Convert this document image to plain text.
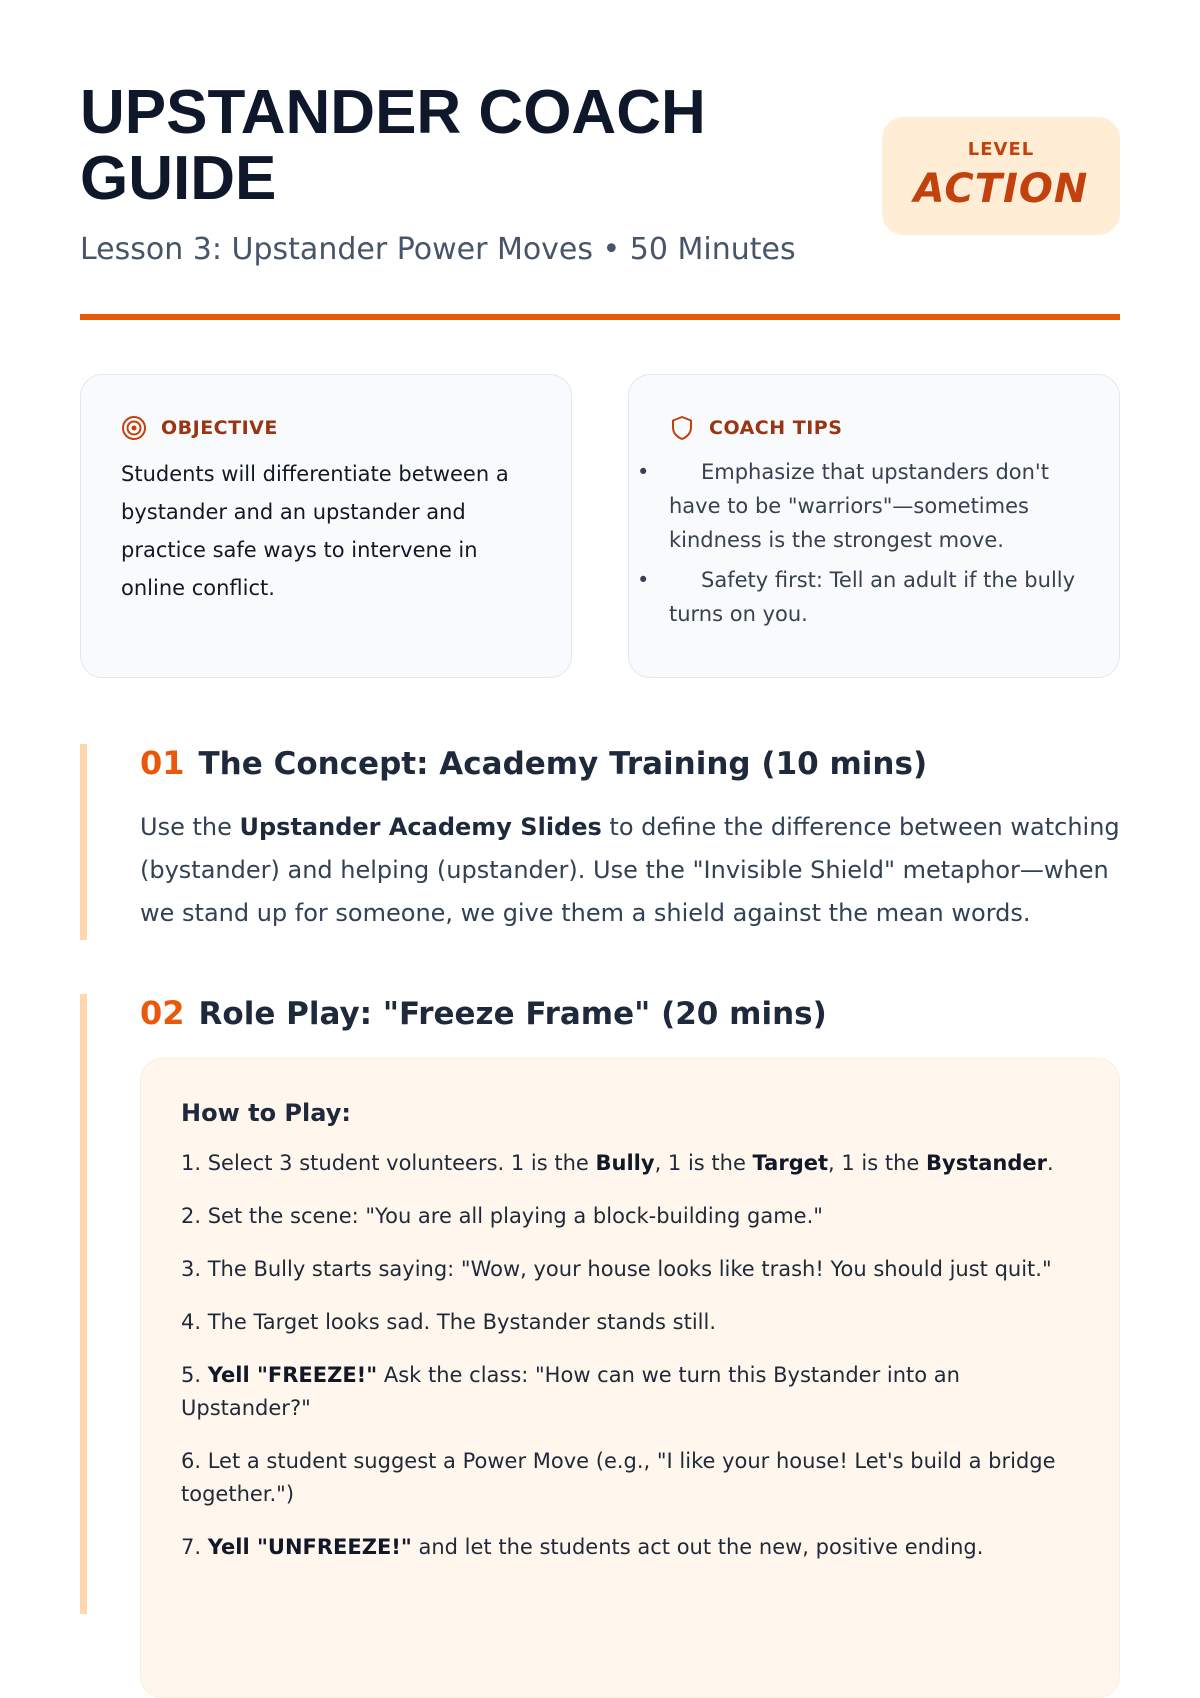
UPSTANDER COACH GUIDE

Lesson 3: Upstander Power Moves • 50 Minutes

LEVEL
ACTION
OBJECTIVE

Students will differentiate between a bystander and an upstander and practice safe ways to intervene in online conflict.

COACH TIPS
• Emphasize that upstanders don't have to be "warriors"—sometimes kindness is the strongest move.
• Safety first: Tell an adult if the bully turns on you.
01 The Concept: Academy Training (10 mins)

Use the Upstander Academy Slides to define the difference between watching (bystander) and helping (upstander). Use the "Invisible Shield" metaphor—when we stand up for someone, we give them a shield against the mean words.

02 Role Play: "Freeze Frame" (20 mins)

How to Play:

1. Select 3 student volunteers. 1 is the Bully, 1 is the Target, 1 is the Bystander.
2. Set the scene: "You are all playing a block-building game."
3. The Bully starts saying: "Wow, your house looks like trash! You should just quit."
4. The Target looks sad. The Bystander stands still.
5. Yell "FREEZE!" Ask the class: "How can we turn this Bystander into an Upstander?"
6. Let a student suggest a Power Move (e.g., "I like your house! Let's build a bridge together.")
7. Yell "UNFREEZE!" and let the students act out the new, positive ending.
